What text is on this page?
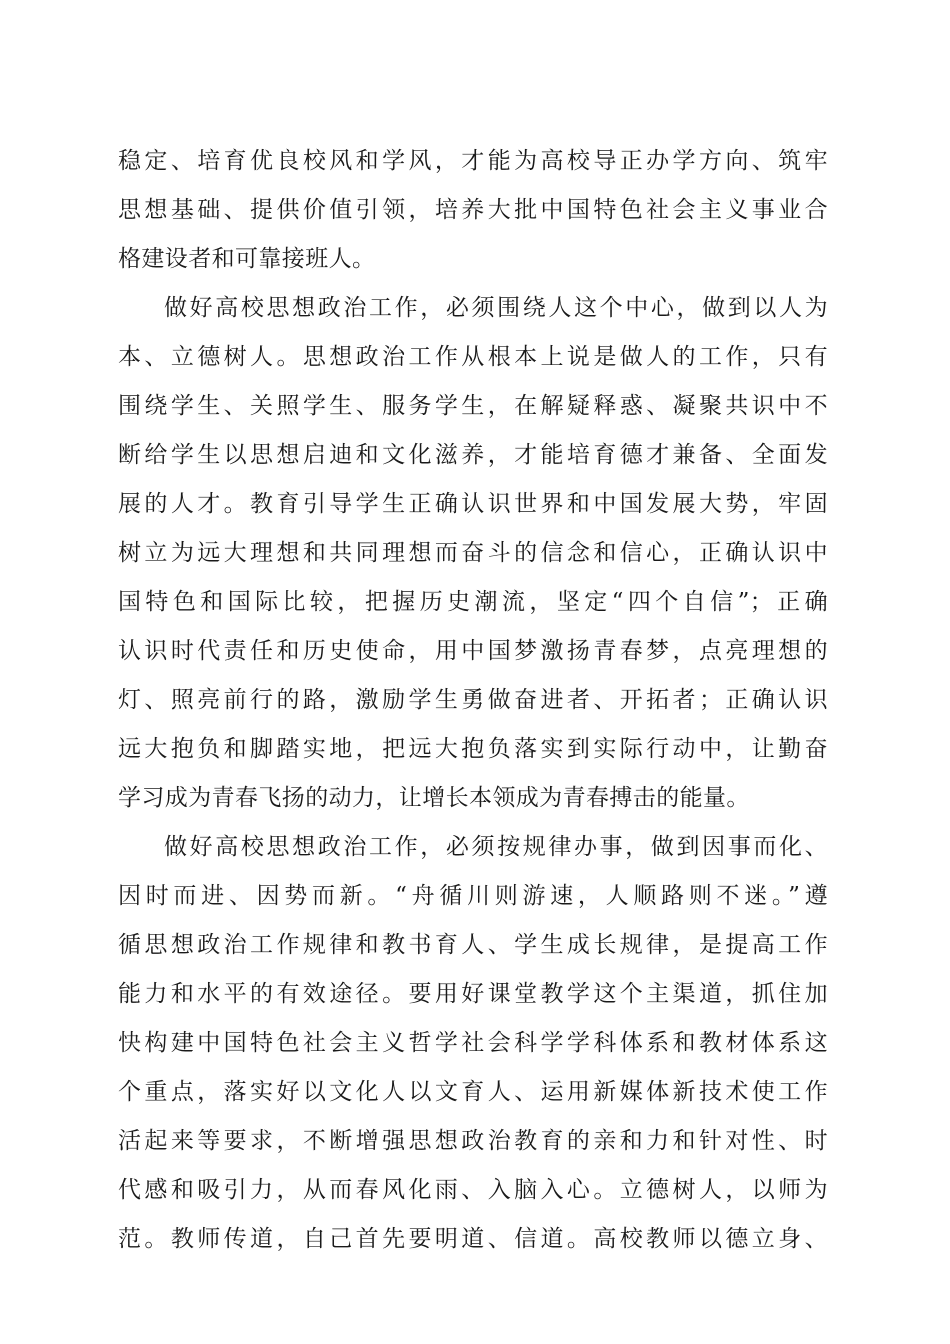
稳定、培育优良校风和学风，才能为高校导正办学方向、筑牢
思想基础、提供价值引领，培养大批中国特色社会主义事业合
格建设者和可靠接班人。
做好高校思想政治工作，必须围绕人这个中心，做到以人为
本、立德树人。思想政治工作从根本上说是做人的工作，只有
围绕学生、关照学生、服务学生，在解疑释惑、凝聚共识中不
断给学生以思想启迪和文化滋养，才能培育德才兼备、全面发
展的人才。教育引导学生正确认识世界和中国发展大势，牢固
树立为远大理想和共同理想而奋斗的信念和信心，正确认识中
国特色和国际比较，把握历史潮流，坚定“四个自信”；正确
认识时代责任和历史使命，用中国梦激扬青春梦，点亮理想的
灯、照亮前行的路，激励学生勇做奋进者、开拓者；正确认识
远大抱负和脚踏实地，把远大抱负落实到实际行动中，让勤奋
学习成为青春飞扬的动力，让增长本领成为青春搏击的能量。
做好高校思想政治工作，必须按规律办事，做到因事而化、
因时而进、因势而新。“舟循川则游速，人顺路则不迷。”遵
循思想政治工作规律和教书育人、学生成长规律，是提高工作
能力和水平的有效途径。要用好课堂教学这个主渠道，抓住加
快构建中国特色社会主义哲学社会科学学科体系和教材体系这
个重点，落实好以文化人以文育人、运用新媒体新技术使工作
活起来等要求，不断增强思想政治教育的亲和力和针对性、时
代感和吸引力，从而春风化雨、入脑入心。立德树人，以师为
范。教师传道，自己首先要明道、信道。高校教师以德立身、
